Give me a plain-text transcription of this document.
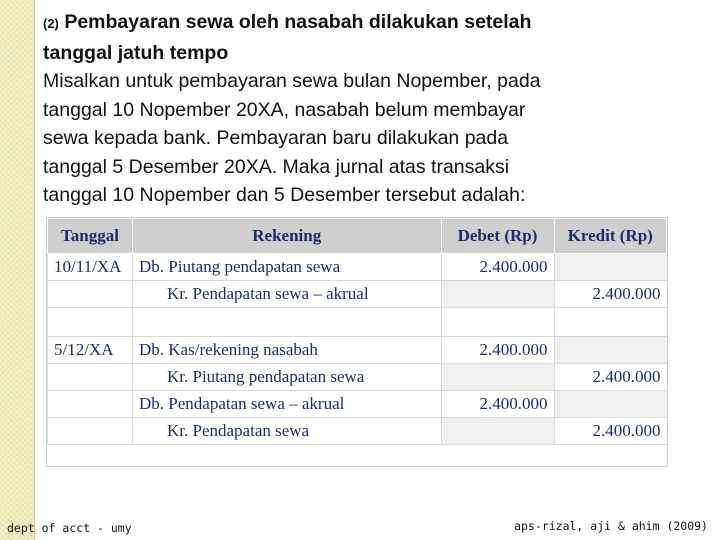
(2) Pembayaran sewa oleh nasabah dilakukan setelah
tanggal jatuh tempo

Misalkan untuk pembayaran sewa bulan Nopember, pada

tanggal 10 Nopember 20XA, nasabah belum membayar

sewa kepada bank. Pembayaran baru dilakukan pada

tanggal 5 Desember 20XA. Maka jurnal atas transaksi

tanggal 10 Nopember dan 5 Desember tersebut adalah:

Tanggal	Rekening	Debet (Rp)	Kredit (Rp)
10/11/XA	Db. Piutang pendapatan sewa	2.400.000	
	Kr. Pendapatan sewa – akrual		2.400.000

5/12/XA	Db. Kas/rekening nasabah	2.400.000	
	Kr. Piutang pendapatan sewa		2.400.000
	Db. Pendapatan sewa – akrual	2.400.000	
	Kr. Pendapatan sewa		2.400.000
dept of acct - umy	aps-rizal, aji & ahim (2009)
